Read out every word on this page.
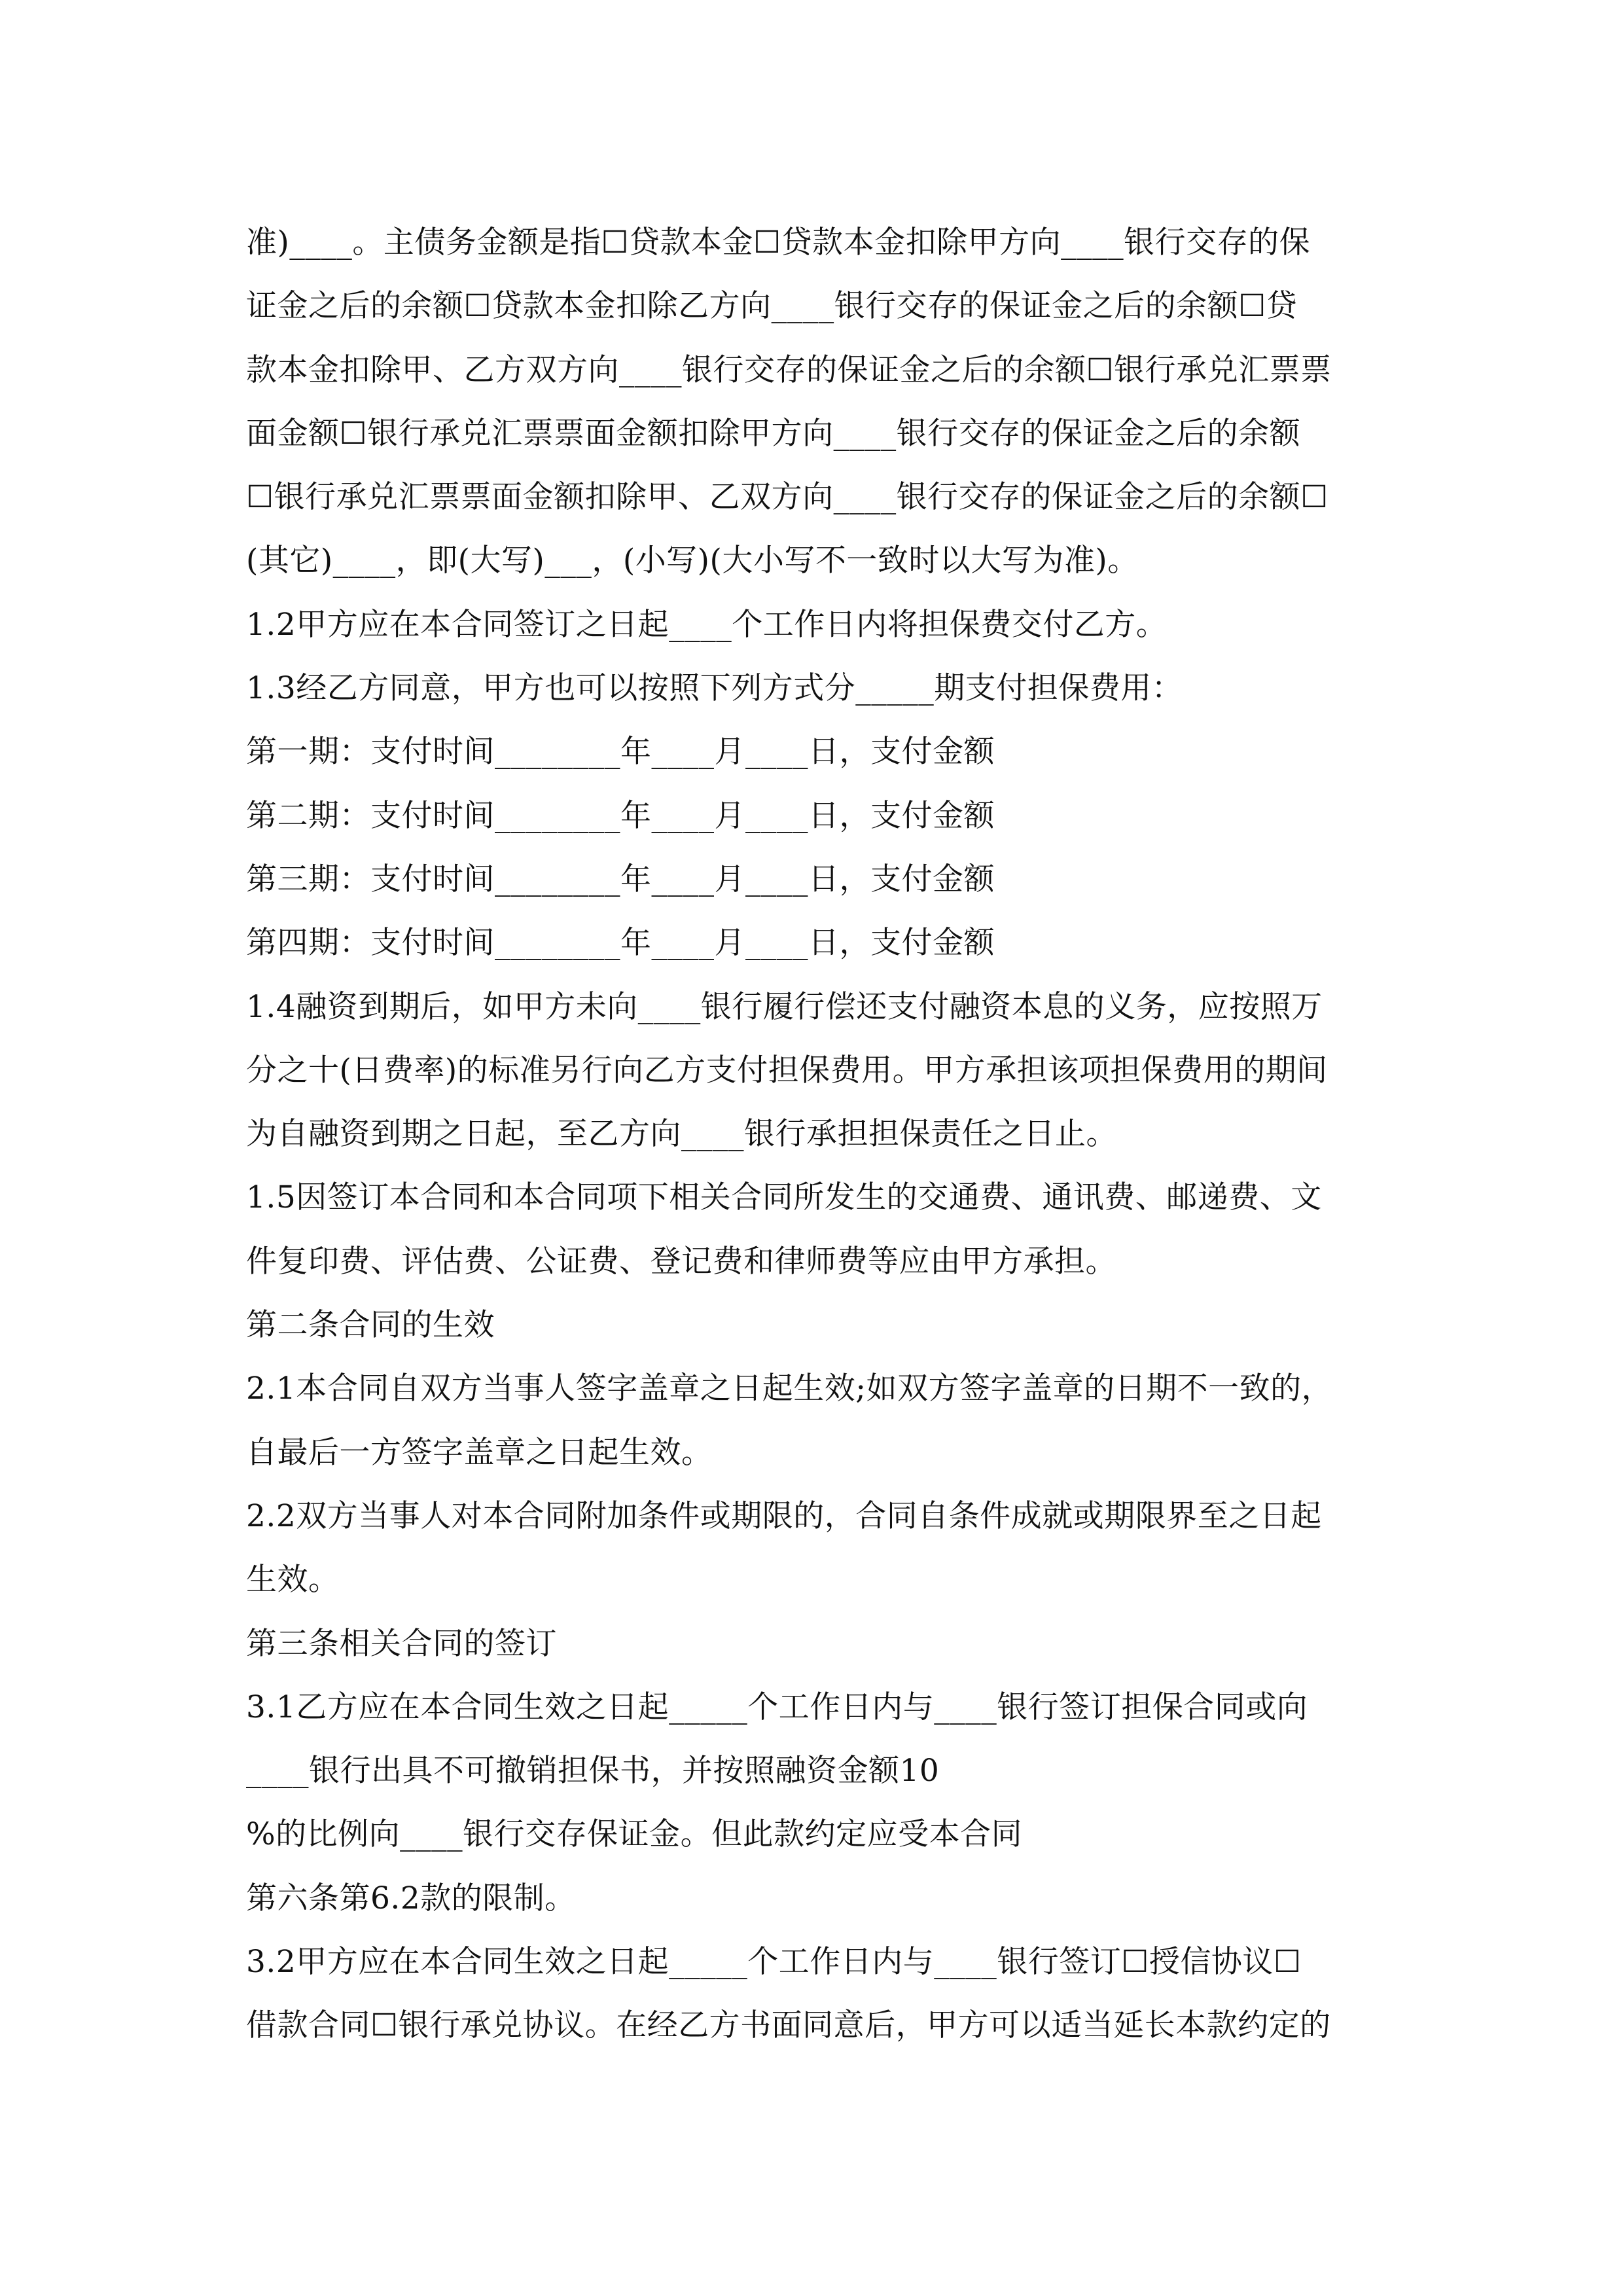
准)____。主债务金额是指☐贷款本金☐贷款本金扣除甲方向____银行交存的保
证金之后的余额☐贷款本金扣除乙方向____银行交存的保证金之后的余额☐贷
款本金扣除甲、乙方双方向____银行交存的保证金之后的余额☐银行承兑汇票票
面金额☐银行承兑汇票票面金额扣除甲方向____银行交存的保证金之后的余额
☐银行承兑汇票票面金额扣除甲、乙双方向____银行交存的保证金之后的余额☐
(其它)____，即(大写)___，(小写)(大小写不一致时以大写为准)。
1.2甲方应在本合同签订之日起____个工作日内将担保费交付乙方。
1.3经乙方同意，甲方也可以按照下列方式分_____期支付担保费用：
第一期：支付时间________年____月____日，支付金额
第二期：支付时间________年____月____日，支付金额
第三期：支付时间________年____月____日，支付金额
第四期：支付时间________年____月____日，支付金额
1.4融资到期后，如甲方未向____银行履行偿还支付融资本息的义务，应按照万
分之十(日费率)的标准另行向乙方支付担保费用。甲方承担该项担保费用的期间
为自融资到期之日起，至乙方向____银行承担担保责任之日止。
1.5因签订本合同和本合同项下相关合同所发生的交通费、通讯费、邮递费、文
件复印费、评估费、公证费、登记费和律师费等应由甲方承担。
第二条合同的生效
2.1本合同自双方当事人签字盖章之日起生效;如双方签字盖章的日期不一致的，
自最后一方签字盖章之日起生效。
2.2双方当事人对本合同附加条件或期限的，合同自条件成就或期限界至之日起
生效。
第三条相关合同的签订
3.1乙方应在本合同生效之日起_____个工作日内与____银行签订担保合同或向
____银行出具不可撤销担保书，并按照融资金额10
%的比例向____银行交存保证金。但此款约定应受本合同
第六条第6.2款的限制。
3.2甲方应在本合同生效之日起_____个工作日内与____银行签订☐授信协议☐
借款合同☐银行承兑协议。在经乙方书面同意后，甲方可以适当延长本款约定的
